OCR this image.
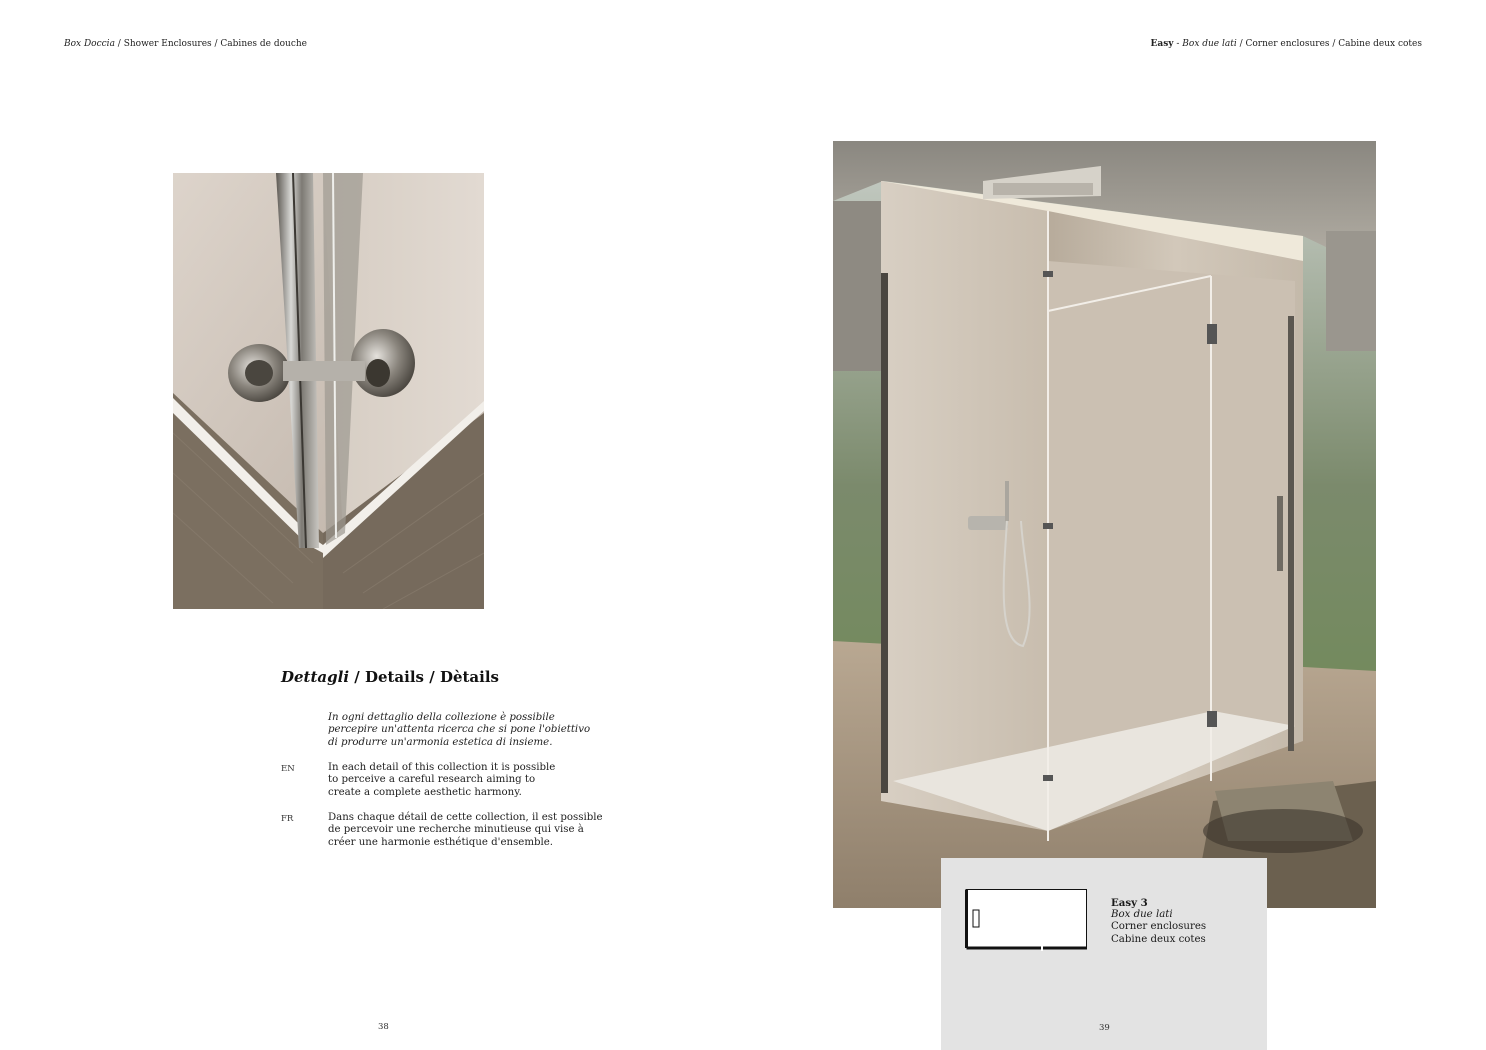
Box Doccia / Shower Enclosures / Cabines de douche	Easy - Box due lati / Corner enclosures / Cabine deux cotes
Dettagli / Details / Dètails
In ogni dettaglio della collezione è possibile
percepire un'attenta ricerca che si pone l'obiettivo
di produrre un'armonia estetica di insieme.
EN	In each detail of this collection it is possible
to perceive a careful research aiming to
create a complete aesthetic harmony.
FR	Dans chaque détail de cette collection, il est possible
de percevoir une recherche minutieuse qui vise à
créer une harmonie esthétique d'ensemble.
38
Easy 3
Box due lati
Corner enclosures
Cabine deux cotes
39
